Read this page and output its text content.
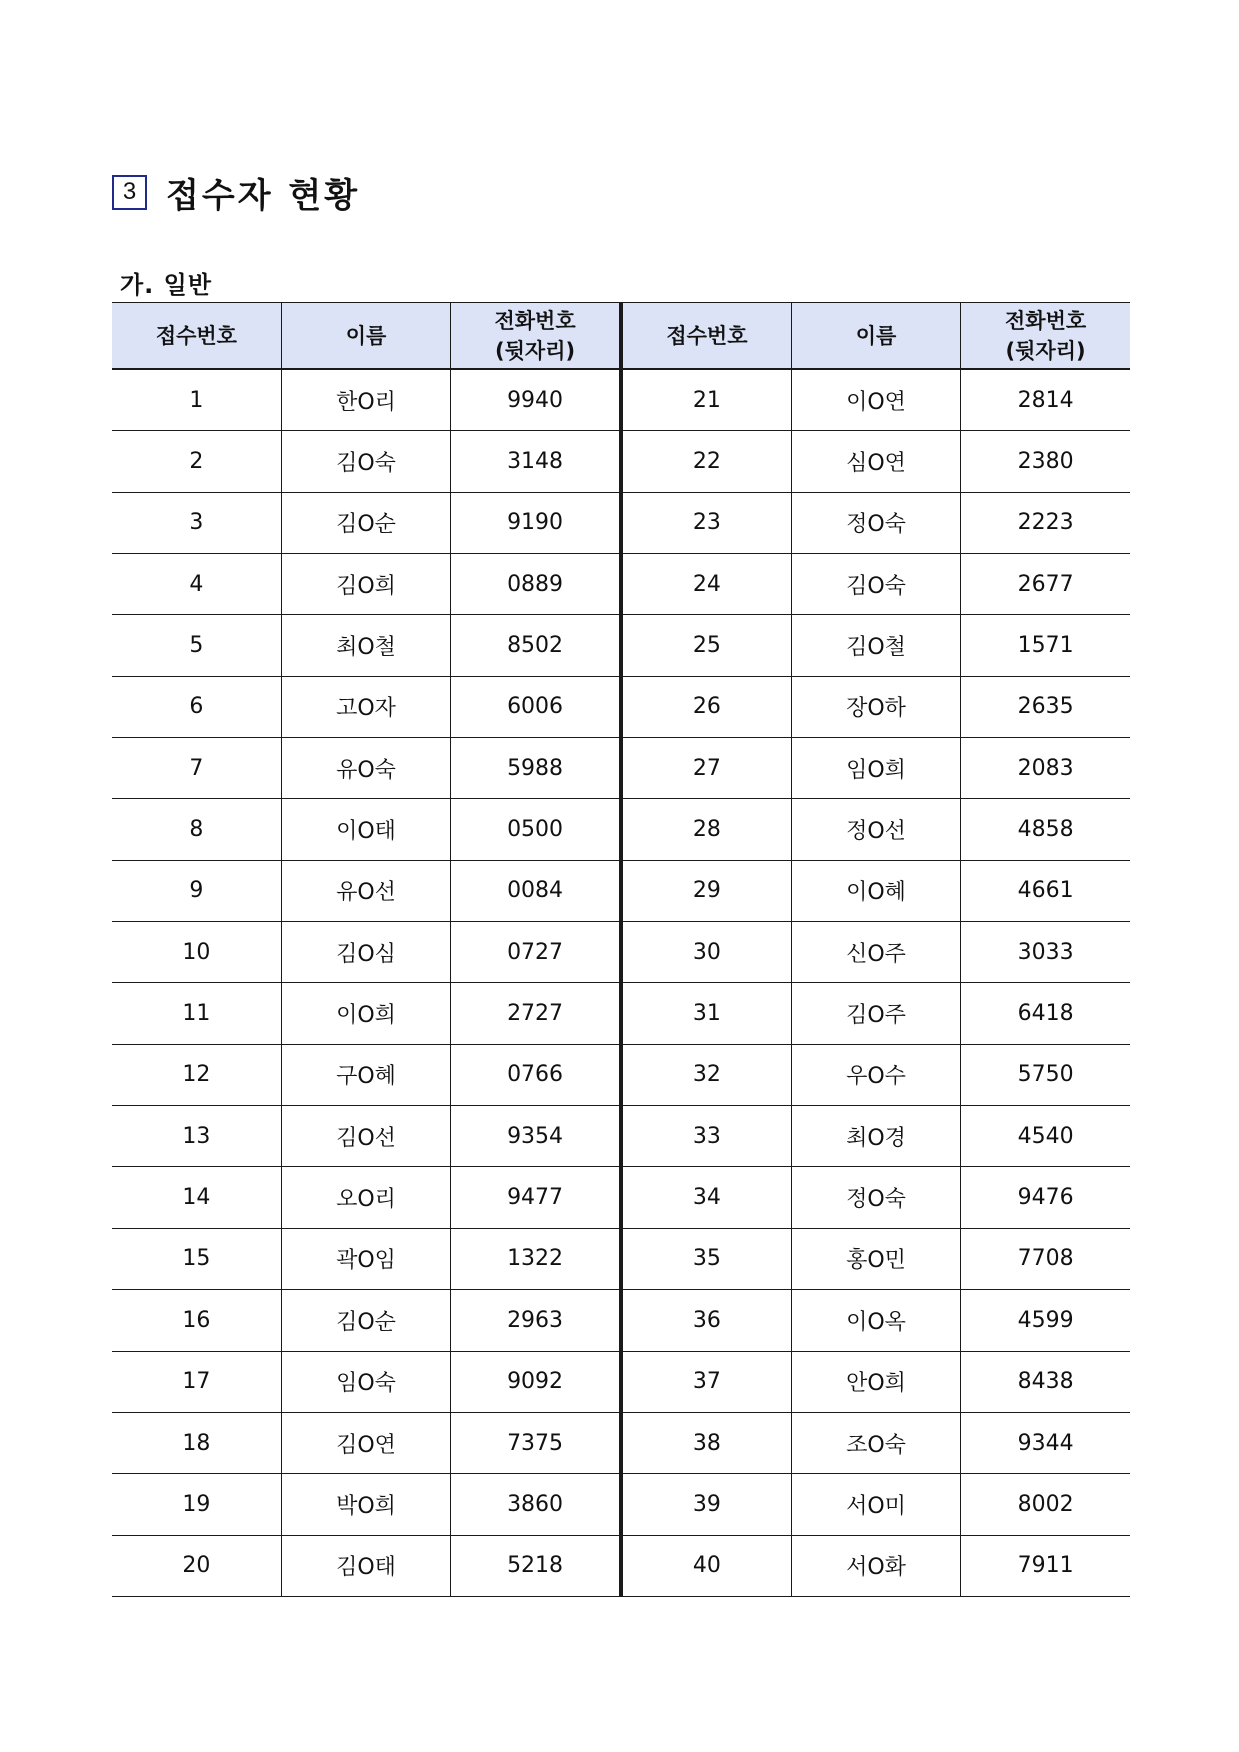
3 접수자 현황
가. 일반
접수번호	이름	전화번호
(뒷자리)

1	한O리	9940
2	김O숙	3148
3	김O순	9190
4	김O희	0889
5	최O철	8502
6	고O자	6006
7	유O숙	5988
8	이O태	0500
9	유O선	0084
10	김O심	0727
11	이O희	2727
12	구O혜	0766
13	김O선	9354
14	오O리	9477
15	곽O임	1322
16	김O순	2963
17	임O숙	9092
18	김O연	7375
19	박O희	3860
20	김O태	5218
접수번호	이름	전화번호
(뒷자리)

21	이O연	2814
22	심O연	2380
23	정O숙	2223
24	김O숙	2677
25	김O철	1571
26	장O하	2635
27	임O희	2083
28	정O선	4858
29	이O혜	4661
30	신O주	3033
31	김O주	6418
32	우O수	5750
33	최O경	4540
34	정O숙	9476
35	홍O민	7708
36	이O옥	4599
37	안O희	8438
38	조O숙	9344
39	서O미	8002
40	서O화	7911
